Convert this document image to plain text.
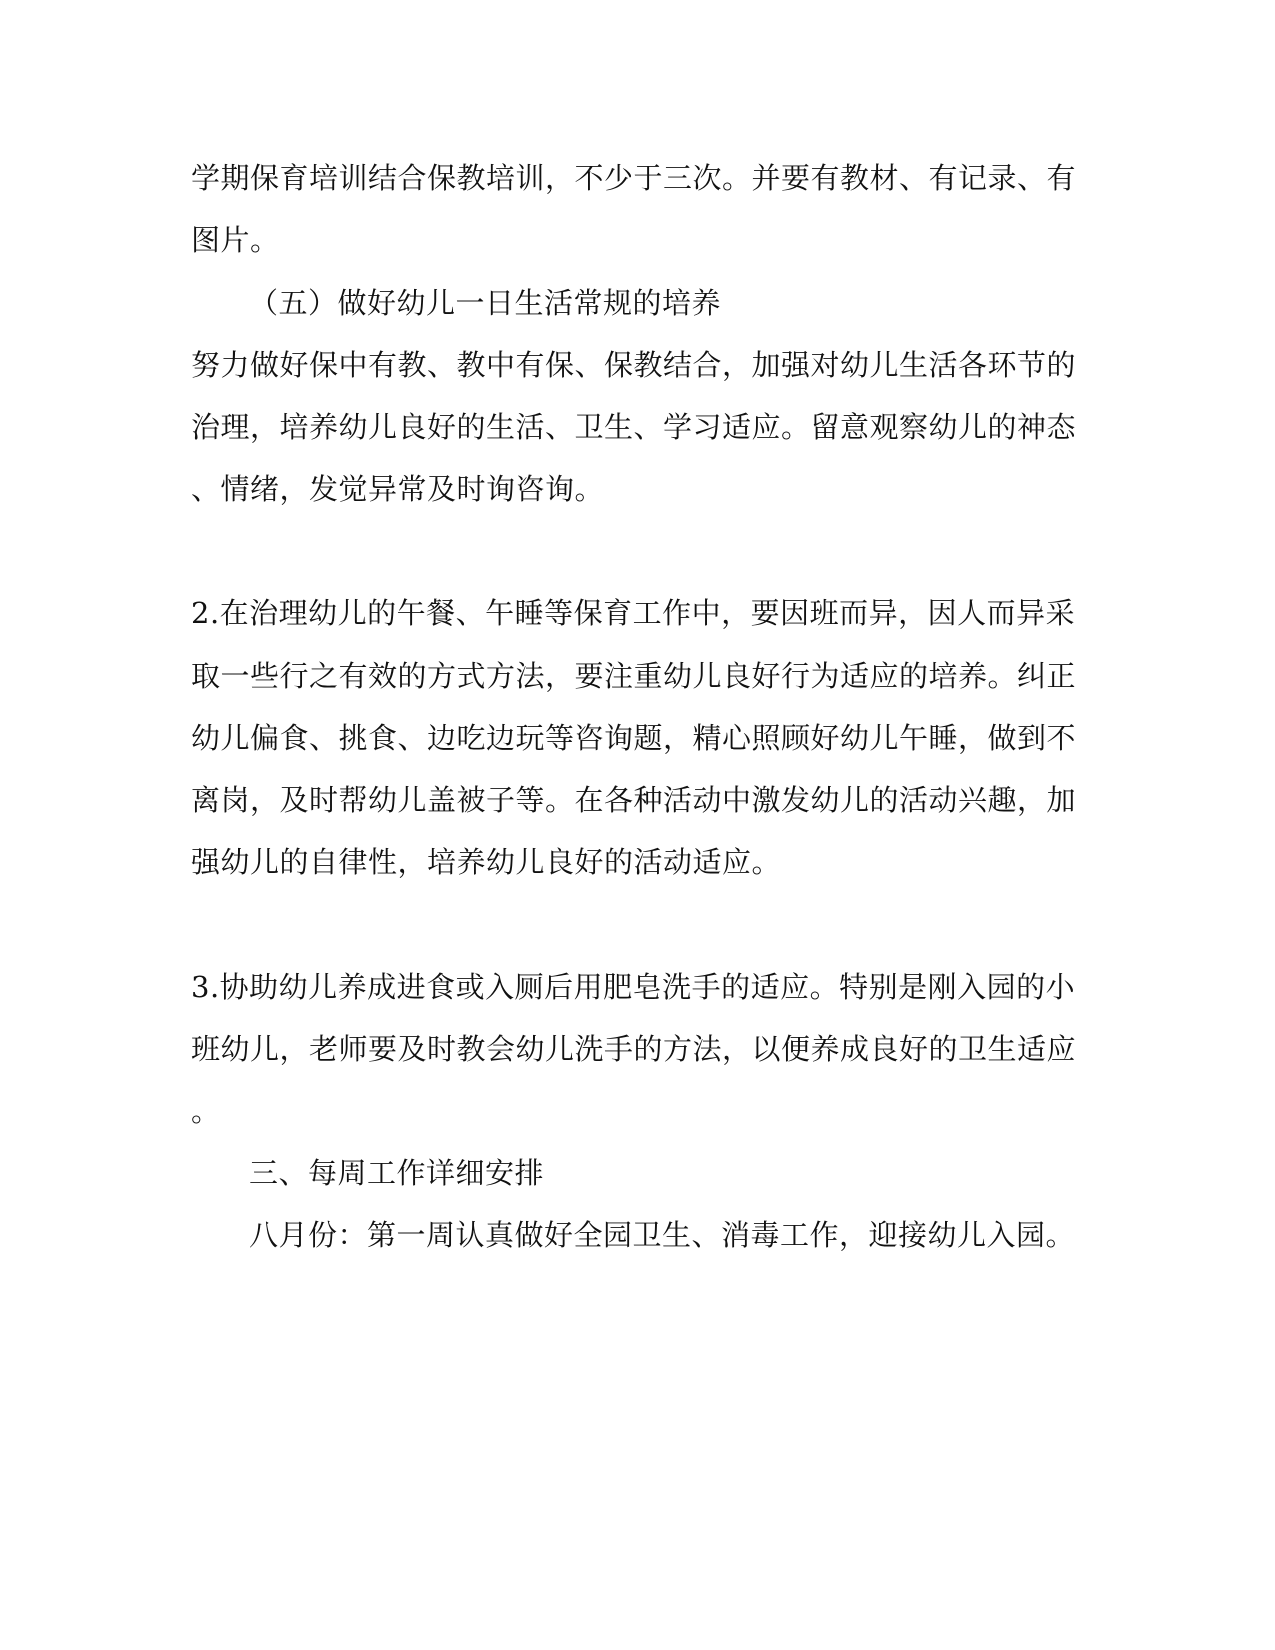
学期保育培训结合保教培训，不少于三次。并要有教材、有记录、有
图片。
（五）做好幼儿一日生活常规的培养
努力做好保中有教、教中有保、保教结合，加强对幼儿生活各环节的
治理，培养幼儿良好的生活、卫生、学习适应。留意观察幼儿的神态
、情绪，发觉异常及时询咨询。
2.在治理幼儿的午餐、午睡等保育工作中，要因班而异，因人而异采
取一些行之有效的方式方法，要注重幼儿良好行为适应的培养。纠正
幼儿偏食、挑食、边吃边玩等咨询题，精心照顾好幼儿午睡，做到不
离岗，及时帮幼儿盖被子等。在各种活动中激发幼儿的活动兴趣，加
强幼儿的自律性，培养幼儿良好的活动适应。
3.协助幼儿养成进食或入厕后用肥皂洗手的适应。特别是刚入园的小
班幼儿，老师要及时教会幼儿洗手的方法，以便养成良好的卫生适应
。
三、每周工作详细安排
八月份：第一周认真做好全园卫生、消毒工作，迎接幼儿入园。
